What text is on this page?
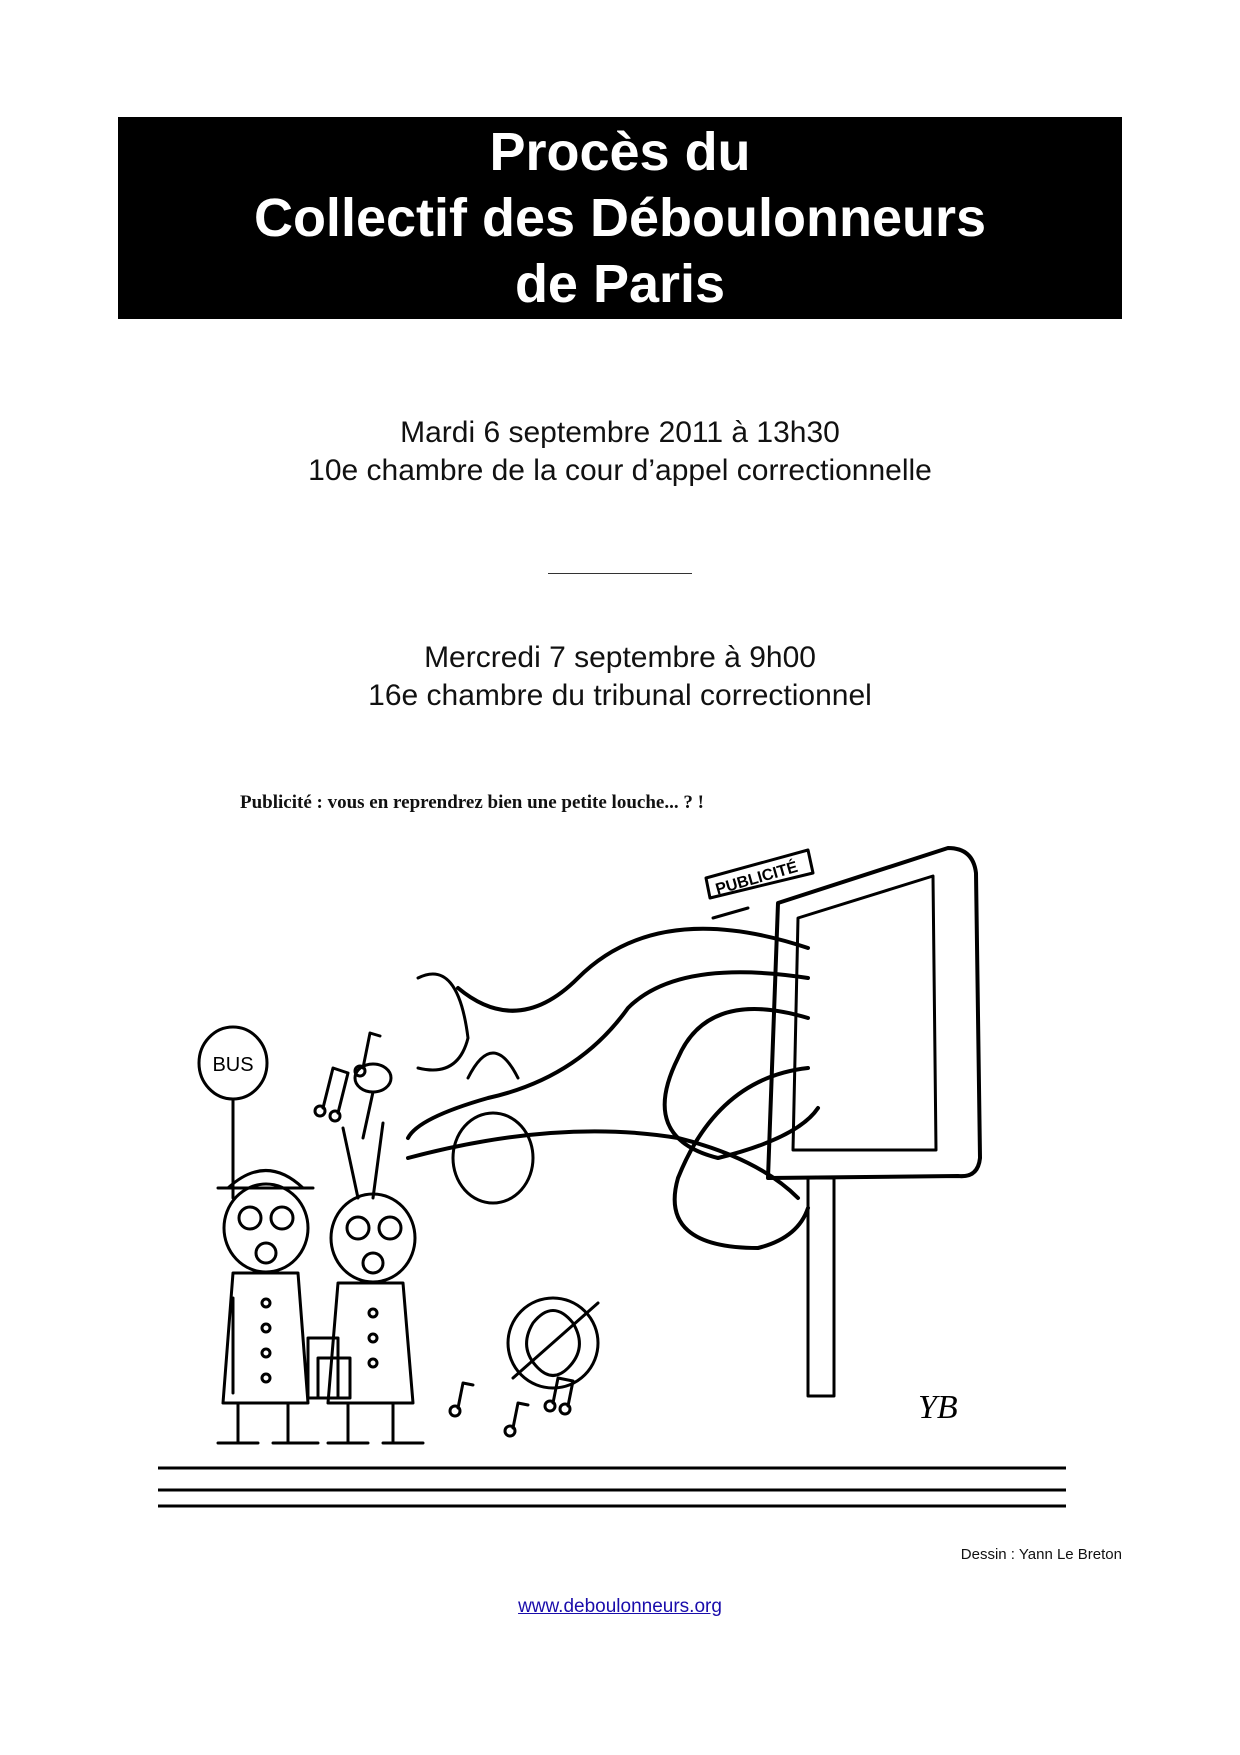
Procès du
Collectif des Déboulonneurs
de Paris
Mardi 6 septembre 2011 à 13h30
10e chambre de la cour d’appel correctionnelle
Mercredi 7 septembre à 9h00
16e chambre du tribunal correctionnel
Publicité : vous en reprendrez bien une petite louche... ? !
BUS
PUBLICITÉ
YB
Dessin : Yann Le Breton
www.deboulonneurs.org
